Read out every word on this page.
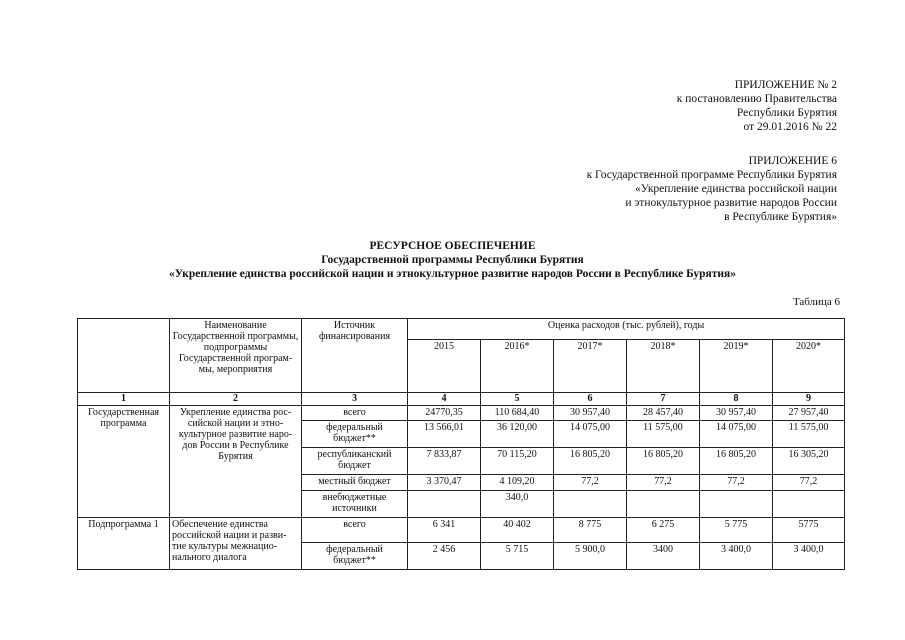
ПРИЛОЖЕНИЕ № 2
к постановлению Правительства
Республики Бурятия
от 29.01.2016 № 22
ПРИЛОЖЕНИЕ 6
к Государственной программе Республики Бурятия
«Укрепление единства российской нации
и этнокультурное развитие народов России
в Республике Бурятия»
РЕСУРСНОЕ ОБЕСПЕЧЕНИЕ
Государственной программы Республики Бурятия
«Укрепление единства российской нации и этнокультурное развитие народов России в Республике Бурятия»
Таблица 6
	Наименование Государственной программы, подпрограммы Государственной програм-мы, мероприятия	Источник финансирования	Оценка расходов (тыс. рублей), годы					
			2015	2016*	2017*	2018*	2019*	2020*
1	2	3	4	5	6	7	8	9
Государственная программа	Укрепление единства рос-сийской нации и этно-культурное развитие наро-дов России в Республике Бурятия	всего	24770,35	110 684,40	30 957,40	28 457,40	30 957,40	27 957,40
		федеральный бюджет**	13 566,01	36 120,00	14 075,00	11 575,00	14 075,00	11 575,00
		республиканский бюджет	7 833,87	70 115,20	16 805,20	16 805,20	16 805,20	16 305,20
		местный бюджет	3 370,47	4 109,20	77,2	77,2	77,2	77,2
		внебюджетные источники		340,0				
Подпрограмма 1	Обеспечение единства российской нации и разви-тие культуры межнацио-нального диалога	всего	6 341	40 402	8 775	6 275	5 775	5775
		федеральный бюджет**	2 456	5 715	5 900,0	3400	3 400,0	3 400,0
